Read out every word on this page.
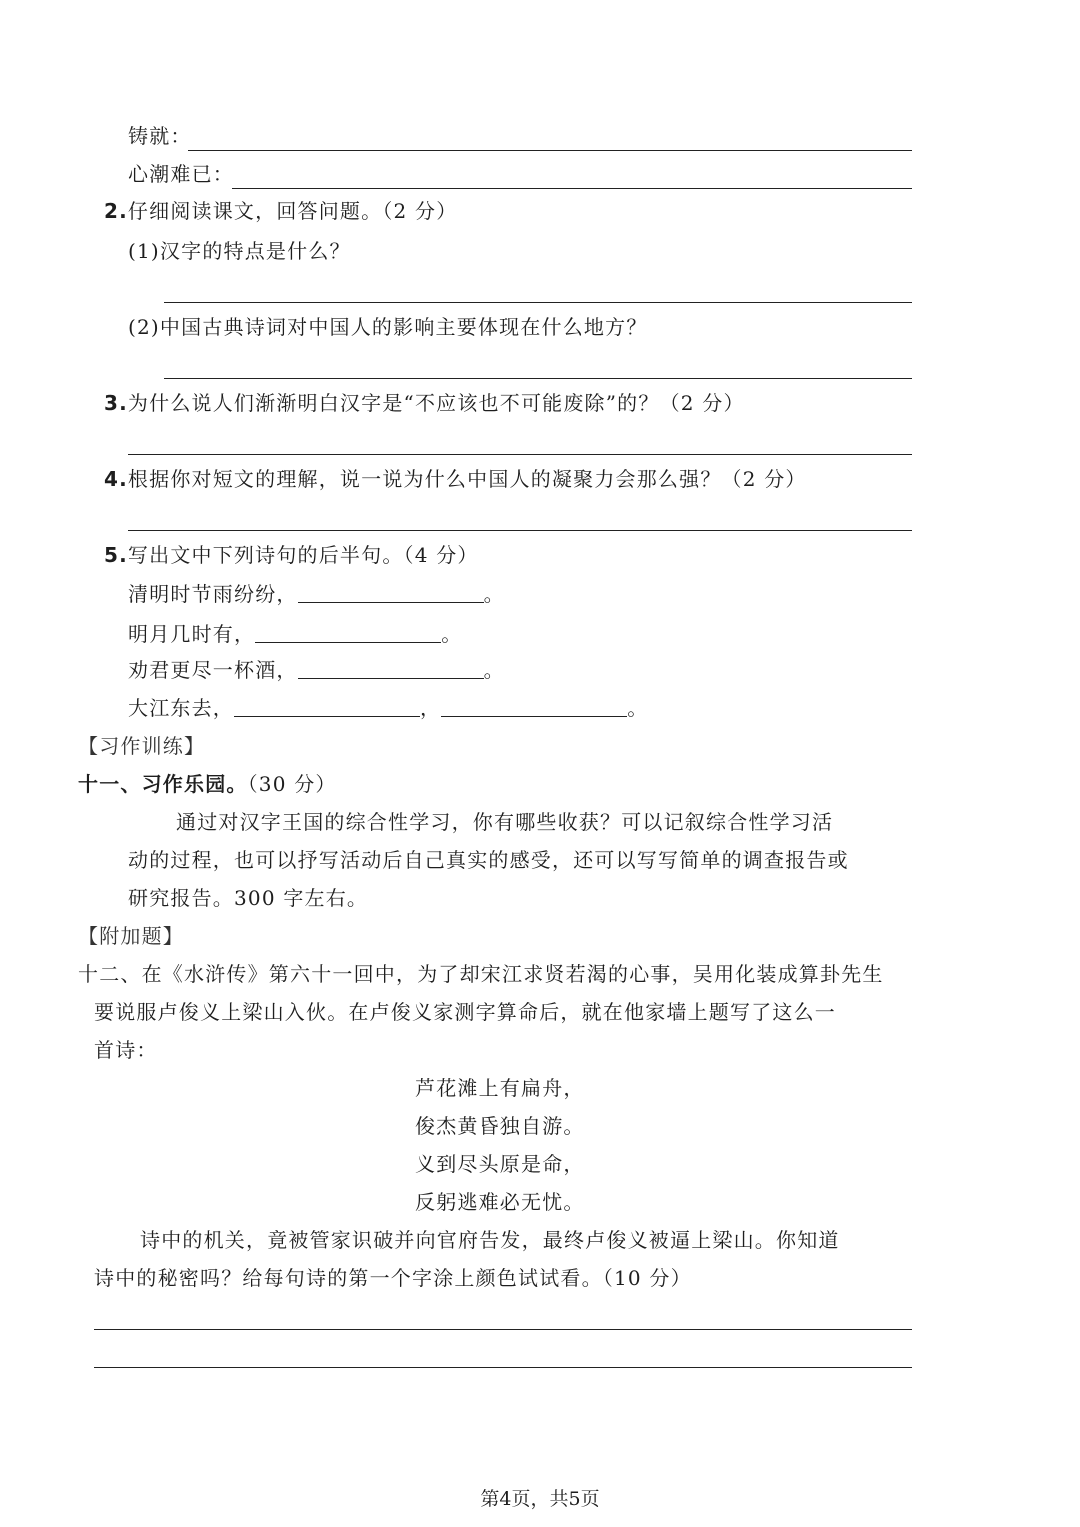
铸就：
心潮难已：
2.仔细阅读课文，回答问题。（2 分）
(1)汉字的特点是什么？
(2)中国古典诗词对中国人的影响主要体现在什么地方？
3.为什么说人们渐渐明白汉字是“不应该也不可能废除”的？（2 分）
4.根据你对短文的理解，说一说为什么中国人的凝聚力会那么强？（2 分）
5.写出文中下列诗句的后半句。（4 分）
清明时节雨纷纷，	。
明月几时有，	。
劝君更尽一杯酒，	。
大江东去，	，	。
【习作训练】
十一、习作乐园。（30 分）
通过对汉字王国的综合性学习，你有哪些收获？可以记叙综合性学习活
动的过程，也可以抒写活动后自己真实的感受，还可以写写简单的调查报告或
研究报告。300 字左右。
【附加题】
十二、在《水浒传》第六十一回中，为了却宋江求贤若渴的心事，吴用化装成算卦先生
要说服卢俊义上梁山入伙。在卢俊义家测字算命后，就在他家墙上题写了这么一
首诗：
芦花滩上有扁舟，
俊杰黄昏独自游。
义到尽头原是命，
反躬逃难必无忧。
诗中的机关，竟被管家识破并向官府告发，最终卢俊义被逼上梁山。你知道
诗中的秘密吗？给每句诗的第一个字涂上颜色试试看。（10 分）
第4页，共5页
